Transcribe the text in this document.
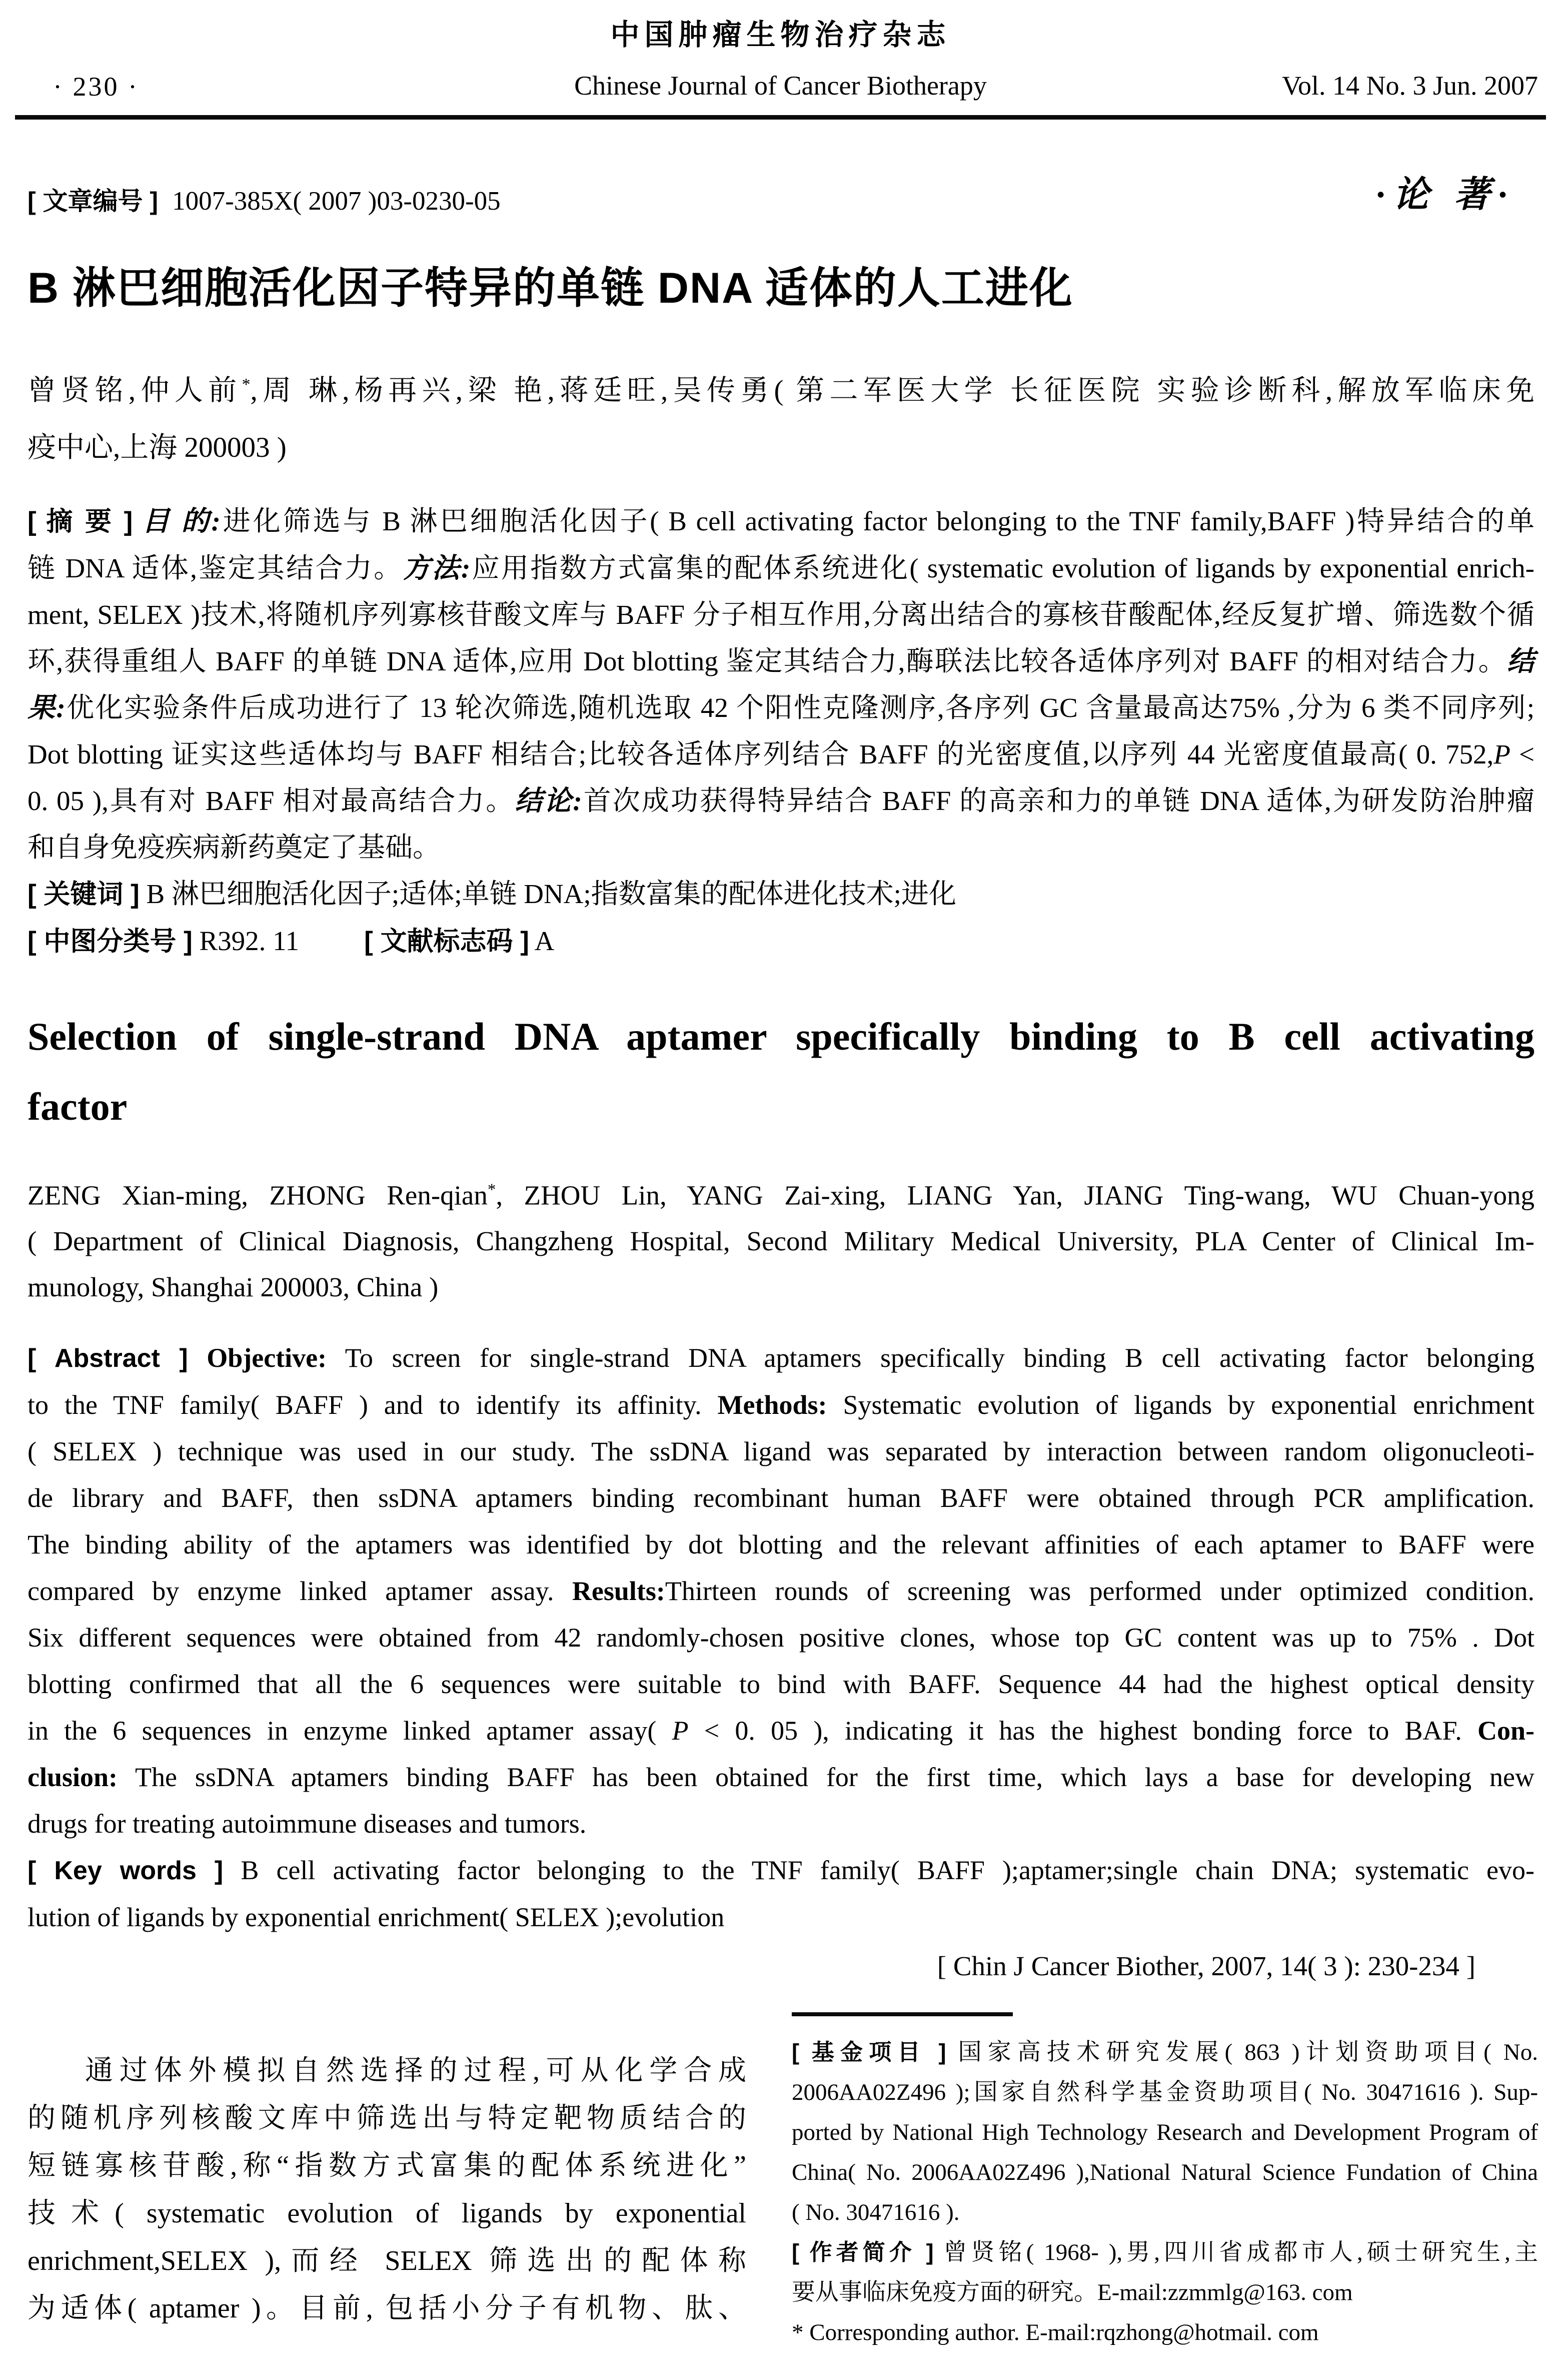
中国肿瘤生物治疗杂志
· 230 ·	Chinese Journal of Cancer Biotherapy	Vol. 14 No. 3 Jun. 2007
[ 文章编号 ] 1007-385X( 2007 )03-0230-05	·论 著·
B 淋巴细胞活化因子特异的单链 DNA 适体的人工进化
曾贤铭,仲人前*,周 琳,杨再兴,梁 艳,蒋廷旺,吴传勇( 第二军医大学 长征医院 实验诊断科,解放军临床免
疫中心,上海 200003 )
[ 摘 要 ] 目 的:进化筛选与 B 淋巴细胞活化因子( B cell activating factor belonging to the TNF family,BAFF )特异结合的单
链 DNA 适体,鉴定其结合力。方法:应用指数方式富集的配体系统进化( systematic evolution of ligands by exponential enrich-
ment, SELEX )技术,将随机序列寡核苷酸文库与 BAFF 分子相互作用,分离出结合的寡核苷酸配体,经反复扩增、筛选数个循
环,获得重组人 BAFF 的单链 DNA 适体,应用 Dot blotting 鉴定其结合力,酶联法比较各适体序列对 BAFF 的相对结合力。结
果:优化实验条件后成功进行了 13 轮次筛选,随机选取 42 个阳性克隆测序,各序列 GC 含量最高达75% ,分为 6 类不同序列;
Dot blotting 证实这些适体均与 BAFF 相结合;比较各适体序列结合 BAFF 的光密度值,以序列 44 光密度值最高( 0. 752,P <
0. 05 ),具有对 BAFF 相对最高结合力。结论:首次成功获得特异结合 BAFF 的高亲和力的单链 DNA 适体,为研发防治肿瘤
和自身免疫疾病新药奠定了基础。
[ 关键词 ] B 淋巴细胞活化因子;适体;单链 DNA;指数富集的配体进化技术;进化
[ 中图分类号 ] R392. 11 [ 文献标志码 ] A
Selection of single-strand DNA aptamer specifically binding to B cell activating
factor
ZENG Xian-ming, ZHONG Ren-qian*, ZHOU Lin, YANG Zai-xing, LIANG Yan, JIANG Ting-wang, WU Chuan-yong
( Department of Clinical Diagnosis, Changzheng Hospital, Second Military Medical University, PLA Center of Clinical Im-
munology, Shanghai 200003, China )
[ Abstract ] Objective: To screen for single-strand DNA aptamers specifically binding B cell activating factor belonging
to the TNF family( BAFF ) and to identify its affinity. Methods: Systematic evolution of ligands by exponential enrichment
( SELEX ) technique was used in our study. The ssDNA ligand was separated by interaction between random oligonucleoti-
de library and BAFF, then ssDNA aptamers binding recombinant human BAFF were obtained through PCR amplification.
The binding ability of the aptamers was identified by dot blotting and the relevant affinities of each aptamer to BAFF were
compared by enzyme linked aptamer assay. Results:Thirteen rounds of screening was performed under optimized condition.
Six different sequences were obtained from 42 randomly-chosen positive clones, whose top GC content was up to 75% . Dot
blotting confirmed that all the 6 sequences were suitable to bind with BAFF. Sequence 44 had the highest optical density
in the 6 sequences in enzyme linked aptamer assay( P < 0. 05 ), indicating it has the highest bonding force to BAF. Con-
clusion: The ssDNA aptamers binding BAFF has been obtained for the first time, which lays a base for developing new
drugs for treating autoimmune diseases and tumors.
[ Key words ] B cell activating factor belonging to the TNF family( BAFF );aptamer;single chain DNA; systematic evo-
lution of ligands by exponential enrichment( SELEX );evolution
[ Chin J Cancer Biother, 2007, 14( 3 ): 230-234 ]
通过体外模拟自然选择的过程,可从化学合成
的随机序列核酸文库中筛选出与特定靶物质结合的
短链寡核苷酸,称“指数方式富集的配体系统进化”
技术( systematic evolution of ligands by exponential
enrichment,SELEX ),而经 SELEX 筛选出的配体称
为适体( aptamer )。目前, 包括小分子有机物、肽、
[ 基金项目 ] 国家高技术研究发展( 863 )计划资助项目( No.
2006AA02Z496 );国家自然科学基金资助项目( No. 30471616 ). Sup-
ported by National High Technology Research and Development Program of
China( No. 2006AA02Z496 ),National Natural Science Fundation of China
( No. 30471616 ).
[ 作者简介 ] 曾贤铭( 1968- ),男,四川省成都市人,硕士研究生,主
要从事临床免疫方面的研究。E-mail:zzmmlg@163. com
* Corresponding author. E-mail:rqzhong@hotmail. com
